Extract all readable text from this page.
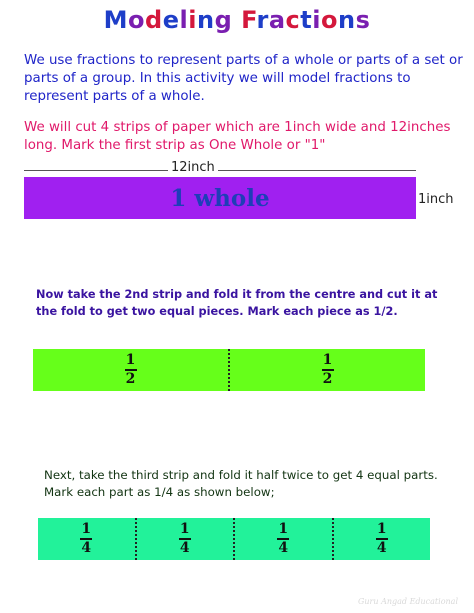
Modeling Fractions
We use fractions to represent parts of a whole or parts of a set or parts of a group. In this activity we will model fractions to represent parts of a whole.
We will cut 4 strips of paper which are 1inch wide and 12inches long. Mark the first strip as One Whole or "1"
12inch
1 whole	1inch
Now take the 2nd strip and fold it from the centre and cut it at the fold to get two equal pieces. Mark each piece as 1/2.
$\frac{1}{2}$	$\frac{1}{2}$
Next, take the third strip and fold it half twice to get 4 equal parts. Mark each part as 1/4 as shown below;
$\frac{1}{4}$	$\frac{1}{4}$	$\frac{1}{4}$	$\frac{1}{4}$
Guru Angad Educational
